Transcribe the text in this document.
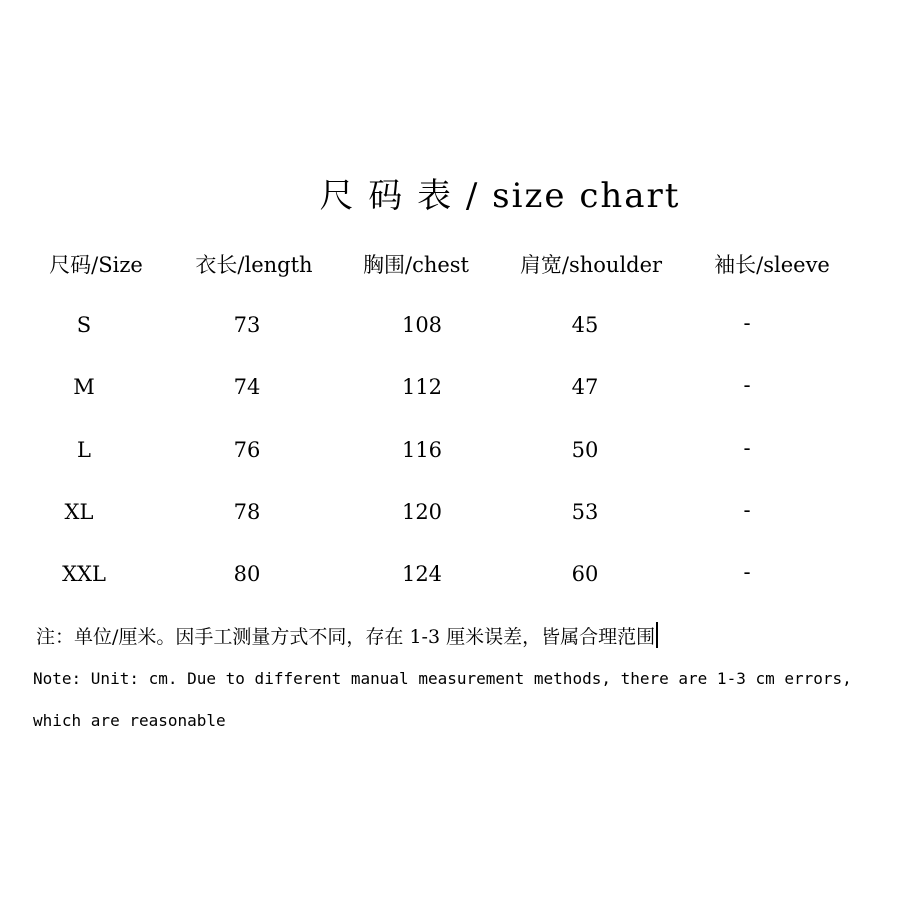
尺 码 表 / size chart
尺码/Size	衣长/length 胸围/chest 肩宽/shoulder 袖长/sleeve
S	73	108	45	-
M	74	112	47	-
L	76	116	50	-
XL	78	120	53	-
XXL	80	124	60	-
注：单位/厘米。因手工测量方式不同，存在 1-3 厘米误差，皆属合理范围
Note: Unit: cm. Due to different manual measurement methods, there are 1-3 cm errors,
which are reasonable
